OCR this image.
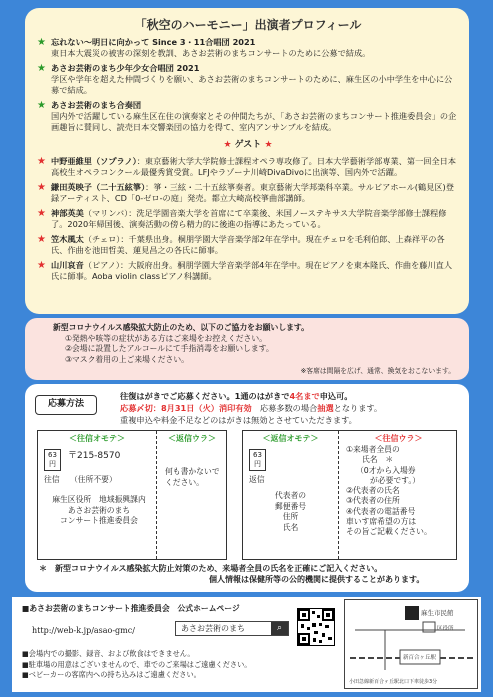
「秋空のハーモニー」出演者プロフィール
★ 忘れない～明日に向かって Since 3・11合唱団 2021
東日本大震災の被害の深刻を教訓、あさお芸術のまちコンサートのために公募で結成。
★ あさお芸術のまち少年少女合唱団 2021
学区や学年を超えた仲間づくりを願い、あさお芸術のまちコンサートのために、麻生区の小中学生を中心に公募で結成。
★ あさお芸術のまち合奏団
国内外で活躍している麻生区在住の演奏家とその仲間たちが、「あさお芸術のまちコンサート推進委員会」の企画趣旨に賛同し、読売日本交響楽団の協力を得て、室内アンサンブルを結成。
★ ゲスト ★
★ 中野亜維里（ソプラノ）：東京藝術大学大学院修士課程オペラ専攻修了。日本大学藝術学部専業、第一回全日本高校生オペラコンクール最優秀賞受賞。LFJやラゾーナ川崎DivaDivoに出演等、国内外で活躍。
★ 鎌田英映子（二十五絃箏）：箏・三絃・二十五絃箏奏者。東京藝術大学邦楽科卒業。サルビアホール(鶴見区)登録アーティスト、CD「0-ゼロ-の庭」発売。都立大崎高校箏曲部講師。
★ 神部英美（マリンバ）：洗足学園音楽大学を首席にて卒業後、米国ノーステキサス大学院音楽学部修士課程修了。2020年帰国後、演奏活動の傍ら精力的に後進の指導にあたっている。
★ 笠木風太（チェロ）：千葉県出身。桐朋学園大学音楽学部2年在学中。現在チェロを毛利伯郎、上森祥平の各氏、作曲を池田哲美、蓮見昌之の各氏に師事。
★ 山川哀音（ピアノ）：大阪府出身。桐朋学園大学音楽学部4年在学中。現在ピアノを東本隆氏、作曲を藤川直人氏に師事。Aoba violin classピアノ科講師。
新型コロナウイルス感染拡大防止のため、以下のご協力をお願いします。
①発熱や咳等の症状がある方はご来場をお控えください。
②会場に設置したアルコールにて手指消毒をお願いします。
③マスク着用の上ご来場ください。
※客席は間隔を広げ、通常、換気をおこないます。
応募方法
往復はがきでご応募ください。1通のはがきで4名まで申込可。
応募〆切：8月31日（火）消印有効　 応募多数の場合抽選となります。
重複申込や料金不足などのはがきは無効とさせていただきます。
＜往信オモテ＞
63円
〒215-8570
往信 （住所不要）
麻生区役所　地域振興課内
あさお芸術のまち
コンサート推進委員会
＜返信ウラ＞
何も書かないでください。
＜返信オモテ＞
63円
返信
代表者の
郵便番号
住所
氏名
＜往信ウラ＞
①来場者全員の
氏名　＊
（0才から入場券
が必要です。）
②代表者の氏名
③代表者の住所
④代表者の電話番号
車いす席希望の方は
その旨ご記載ください。
＊　新型コロナウイルス感染拡大防止対策のため、来場者全員の氏名を正確にご記入ください。
個人情報は保健所等の公的機関に提供することがあります。
■あさお芸術のまちコンサート推進委員会　公式ホームページ
http://web-k.jp/asao-gmc/	あさお芸術のまち	⌕
■会場内での撮影、録音、および飲食はできません。
■駐車場の用意はございませんので、車でのご来場はご遠慮ください。
■ベビーカーの客席内への持ち込みはご遠慮ください。
麻生市民館
区役所
新百合ヶ丘駅
小田急線新百合ヶ丘駅北口下車徒歩3分
